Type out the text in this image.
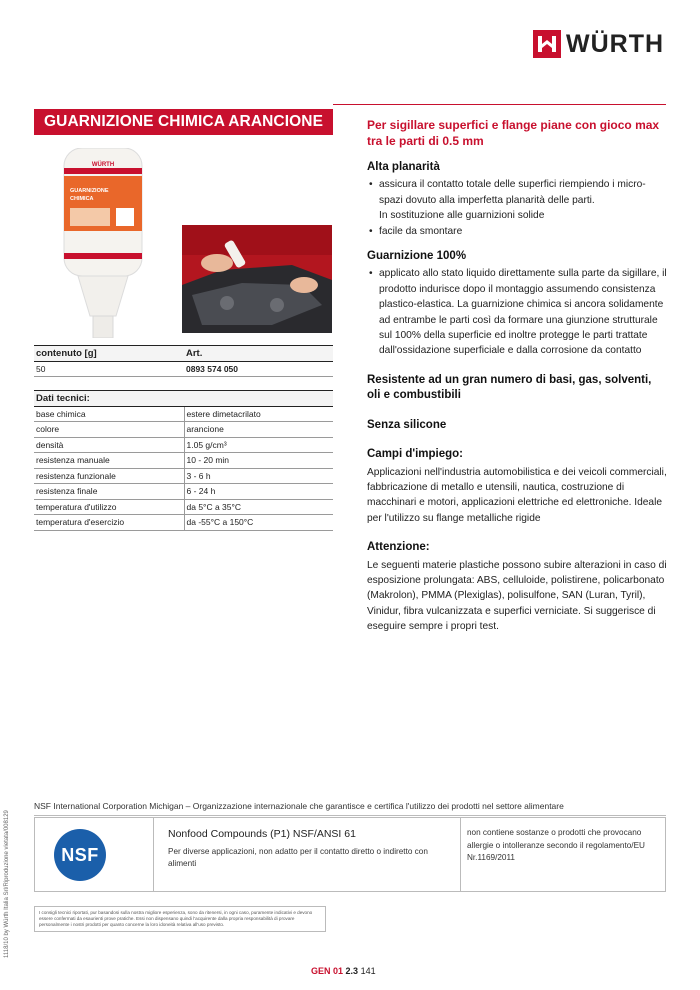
WÜRTH
GUARNIZIONE CHIMICA ARANCIONE	Per sigillare superfici e flange piane con gioco max tra le parti di 0.5 mm
WÜRTH
GUARNIZIONE
CHIMICA
contenuto [g]	Art.
50	0893 574 050
Dati tecnici:	
base chimica	estere dimetacrilato
colore	arancione
densità	1.05 g/cm³
resistenza manuale	10 - 20 min
resistenza funzionale	3 - 6 h
resistenza finale	6 - 24 h
temperatura d'utilizzo	da 5°C a 35°C
temperatura d'esercizio	da -55°C a 150°C
Alta planarità
• assicura il contatto totale delle superfici riempiendo i micro-spazi dovuto alla imperfetta planarità delle parti.
In sostituzione alle guarnizioni solide
• facile da smontare
Guarnizione 100%
• applicato allo stato liquido direttamente sulla parte da sigillare, il prodotto indurisce dopo il montaggio assumendo consistenza plastico-elastica. La guarnizione chimica si ancora solidamente ad entrambe le parti così da formare una giunzione strutturale sul 100% della superficie ed inoltre protegge le parti trattate dall'ossidazione superficiale e dalla corrosione da contatto
Resistente ad un gran numero di basi, gas, solventi, oli e combustibili
Senza silicone
Campi d'impiego:

Applicazioni nell'industria automobilistica e dei veicoli commerciali, fabbricazione di metallo e utensili, nautica, costruzione di macchinari e motori, applicazioni elettriche ed elettroniche. Ideale per l'utilizzo su flange metalliche rigide

Attenzione:

Le seguenti materie plastiche possono subire alterazioni in caso di esposizione prolungata: ABS, celluloide, polistirene, policarbonato (Makrolon), PMMA (Plexiglas), polisulfone, SAN (Luran, Tyril), Vinidur, fibra vulcanizzata e superfici verniciate. Si suggerisce di eseguire sempre i propri test.

1118/10 by Würth Italia Srl/Riproduzione vietata/008129
NSF International Corporation Michigan – Organizzazione internazionale che garantisce e certifica l'utilizzo dei prodotti nel settore alimentare
NSF
Nonfood Compounds (P1) NSF/ANSI 61
Per diverse applicazioni, non adatto per il contatto diretto o indiretto con alimenti
non contiene sostanze o prodotti che provocano allergie o intolleranze secondo il regolamento/EU Nr.1169/2011
I consigli tecnici riportati, pur basandosi sulla nostra migliore esperienza, sono da ritenersi, in ogni caso, puramente indicativi e devono essere confermati da esaurienti prove pratiche. Essi non dispensano quindi l'acquirente dalla propria responsabilità di provare personalmente i nostri prodotti per quanto concerne la loro idoneità relativa all'uso previsto.
GEN 01 2.3 141
